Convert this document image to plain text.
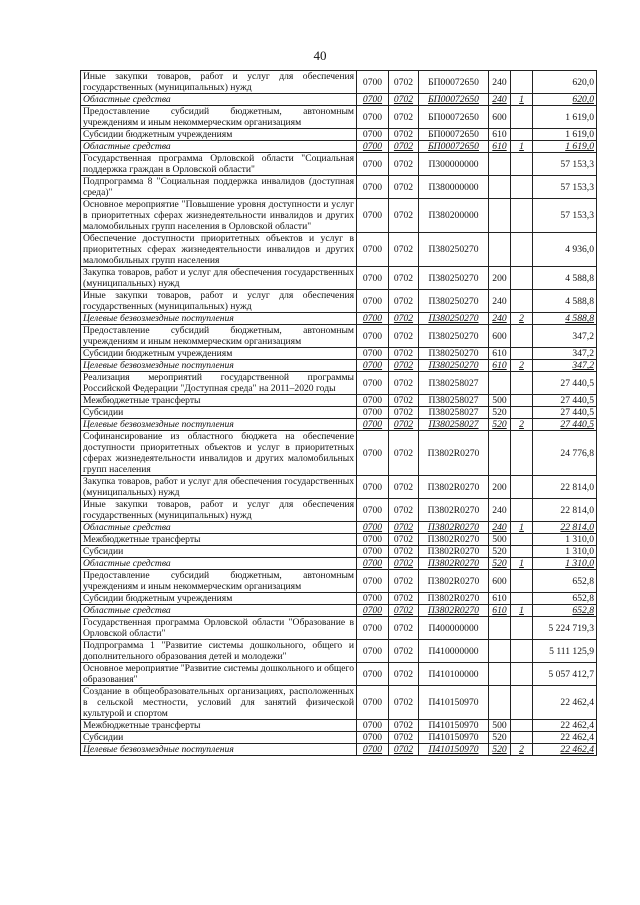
40
Иные закупки товаров, работ и услуг для обеспечения государственных (муниципальных) нужд	0700	0702	БП00072650	240		620,0
Областные средства	0700	0702	БП00072650	240	1	620,0
Предоставление субсидий бюджетным, автономным учреждениям и иным некоммерческим организациям	0700	0702	БП00072650	600		1 619,0
Субсидии бюджетным учреждениям	0700	0702	БП00072650	610		1 619,0
Областные средства	0700	0702	БП00072650	610	1	1 619,0
Государственная программа Орловской области "Социальная поддержка граждан в Орловской области"	0700	0702	П300000000			57 153,3
Подпрограмма 8 "Социальная поддержка инвалидов (доступная среда)"	0700	0702	П380000000			57 153,3
Основное мероприятие "Повышение уровня доступности и услуг в приоритетных сферах жизнедеятельности инвалидов и других маломобильных групп населения в Орловской области"	0700	0702	П380200000			57 153,3
Обеспечение доступности приоритетных объектов и услуг в приоритетных сферах жизнедеятельности инвалидов и других маломобильных групп населения	0700	0702	П380250270			4 936,0
Закупка товаров, работ и услуг для обеспечения государственных (муниципальных) нужд	0700	0702	П380250270	200		4 588,8
Иные закупки товаров, работ и услуг для обеспечения государственных (муниципальных) нужд	0700	0702	П380250270	240		4 588,8
Целевые безвозмездные поступления	0700	0702	П380250270	240	2	4 588,8
Предоставление субсидий бюджетным, автономным учреждениям и иным некоммерческим организациям	0700	0702	П380250270	600		347,2
Субсидии бюджетным учреждениям	0700	0702	П380250270	610		347,2
Целевые безвозмездные поступления	0700	0702	П380250270	610	2	347,2
Реализация мероприятий государственной программы Российской Федерации "Доступная среда" на 2011–2020 годы	0700	0702	П380258027			27 440,5
Межбюджетные трансферты	0700	0702	П380258027	500		27 440,5
Субсидии	0700	0702	П380258027	520		27 440,5
Целевые безвозмездные поступления	0700	0702	П380258027	520	2	27 440,5
Софинансирование из областного бюджета на обеспечение доступности приоритетных объектов и услуг в приоритетных сферах жизнедеятельности инвалидов и других маломобильных групп населения	0700	0702	П3802R0270			24 776,8
Закупка товаров, работ и услуг для обеспечения государственных (муниципальных) нужд	0700	0702	П3802R0270	200		22 814,0
Иные закупки товаров, работ и услуг для обеспечения государственных (муниципальных) нужд	0700	0702	П3802R0270	240		22 814,0
Областные средства	0700	0702	П3802R0270	240	1	22 814,0
Межбюджетные трансферты	0700	0702	П3802R0270	500		1 310,0
Субсидии	0700	0702	П3802R0270	520		1 310,0
Областные средства	0700	0702	П3802R0270	520	1	1 310,0
Предоставление субсидий бюджетным, автономным учреждениям и иным некоммерческим организациям	0700	0702	П3802R0270	600		652,8
Субсидии бюджетным учреждениям	0700	0702	П3802R0270	610		652,8
Областные средства	0700	0702	П3802R0270	610	1	652,8
Государственная программа Орловской области "Образование в Орловской области"	0700	0702	П400000000			5 224 719,3
Подпрограмма 1 "Развитие системы дошкольного, общего и дополнительного образования детей и молодежи"	0700	0702	П410000000			5 111 125,9
Основное мероприятие "Развитие системы дошкольного и общего образования"	0700	0702	П410100000			5 057 412,7
Создание в общеобразовательных организациях, расположенных в сельской местности, условий для занятий физической культурой и спортом	0700	0702	П410150970			22 462,4
Межбюджетные трансферты	0700	0702	П410150970	500		22 462,4
Субсидии	0700	0702	П410150970	520		22 462,4
Целевые безвозмездные поступления	0700	0702	П410150970	520	2	22 462,4
